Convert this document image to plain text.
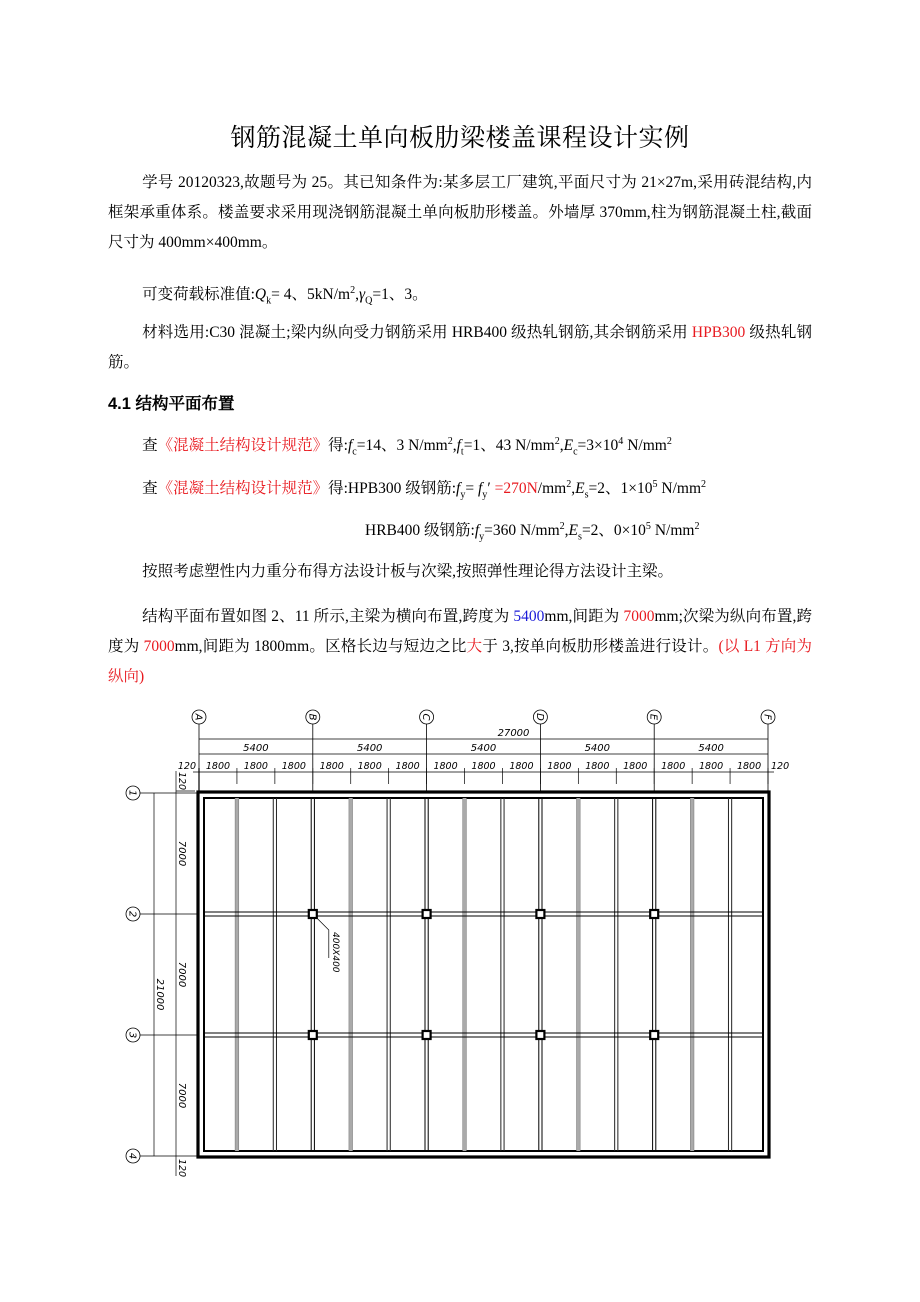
钢筋混凝土单向板肋梁楼盖课程设计实例

学号 20120323,故题号为 25。其已知条件为:某多层工厂建筑,平面尺寸为 21×27m,采用砖混结构,内框架承重体系。楼盖要求采用现浇钢筋混凝土单向板肋形楼盖。外墙厚 370mm,柱为钢筋混凝土柱,截面尺寸为 400mm×400mm。

可变荷载标准值$:Q_k= 4$、$5kN/m^2,\gamma_Q=1$、3。

材料选用:C30 混凝土;梁内纵向受力钢筋采用 HRB400 级热轧钢筋,其余钢筋采用 HPB300 级热轧钢筋。

4.1 结构平面布置

查《混凝土结构设计规范》得$:f_c=14$、3 $N/mm^2,f_t=1$、43 $N/mm^2,E_c=3\times 10^4$ $N/mm^2$

查《混凝土结构设计规范》得:HPB300 级钢筋$:f_y= f_y' =270N/mm^2,E_s=2$、$1\times 10^5$ $N/mm^2$

HRB400 级钢筋$:f_y=360$ $N/mm^2,E_s=2$、$0\times 10^5$ $N/mm^2$

按照考虑塑性内力重分布得方法设计板与次梁,按照弹性理论得方法设计主梁。

结构平面布置如图 2、11 所示,主梁为横向布置,跨度为 5400mm,间距为 7000mm;次梁为纵向布置,跨度为 7000mm,间距为 1800mm。区格长边与短边之比大于 3,按单向板肋形楼盖进行设计。(以 L1 方向为纵向)

400X400
A	B	C	D	E	F
1
2
3
4
27000
5400	5400	5400	5400	5400
1800 1800 1800 1800 1800 1800 1800 1800 1800 1800 1800 1800 1800 1800 1800
120	120
21000
7000
7000
7000
120
120
